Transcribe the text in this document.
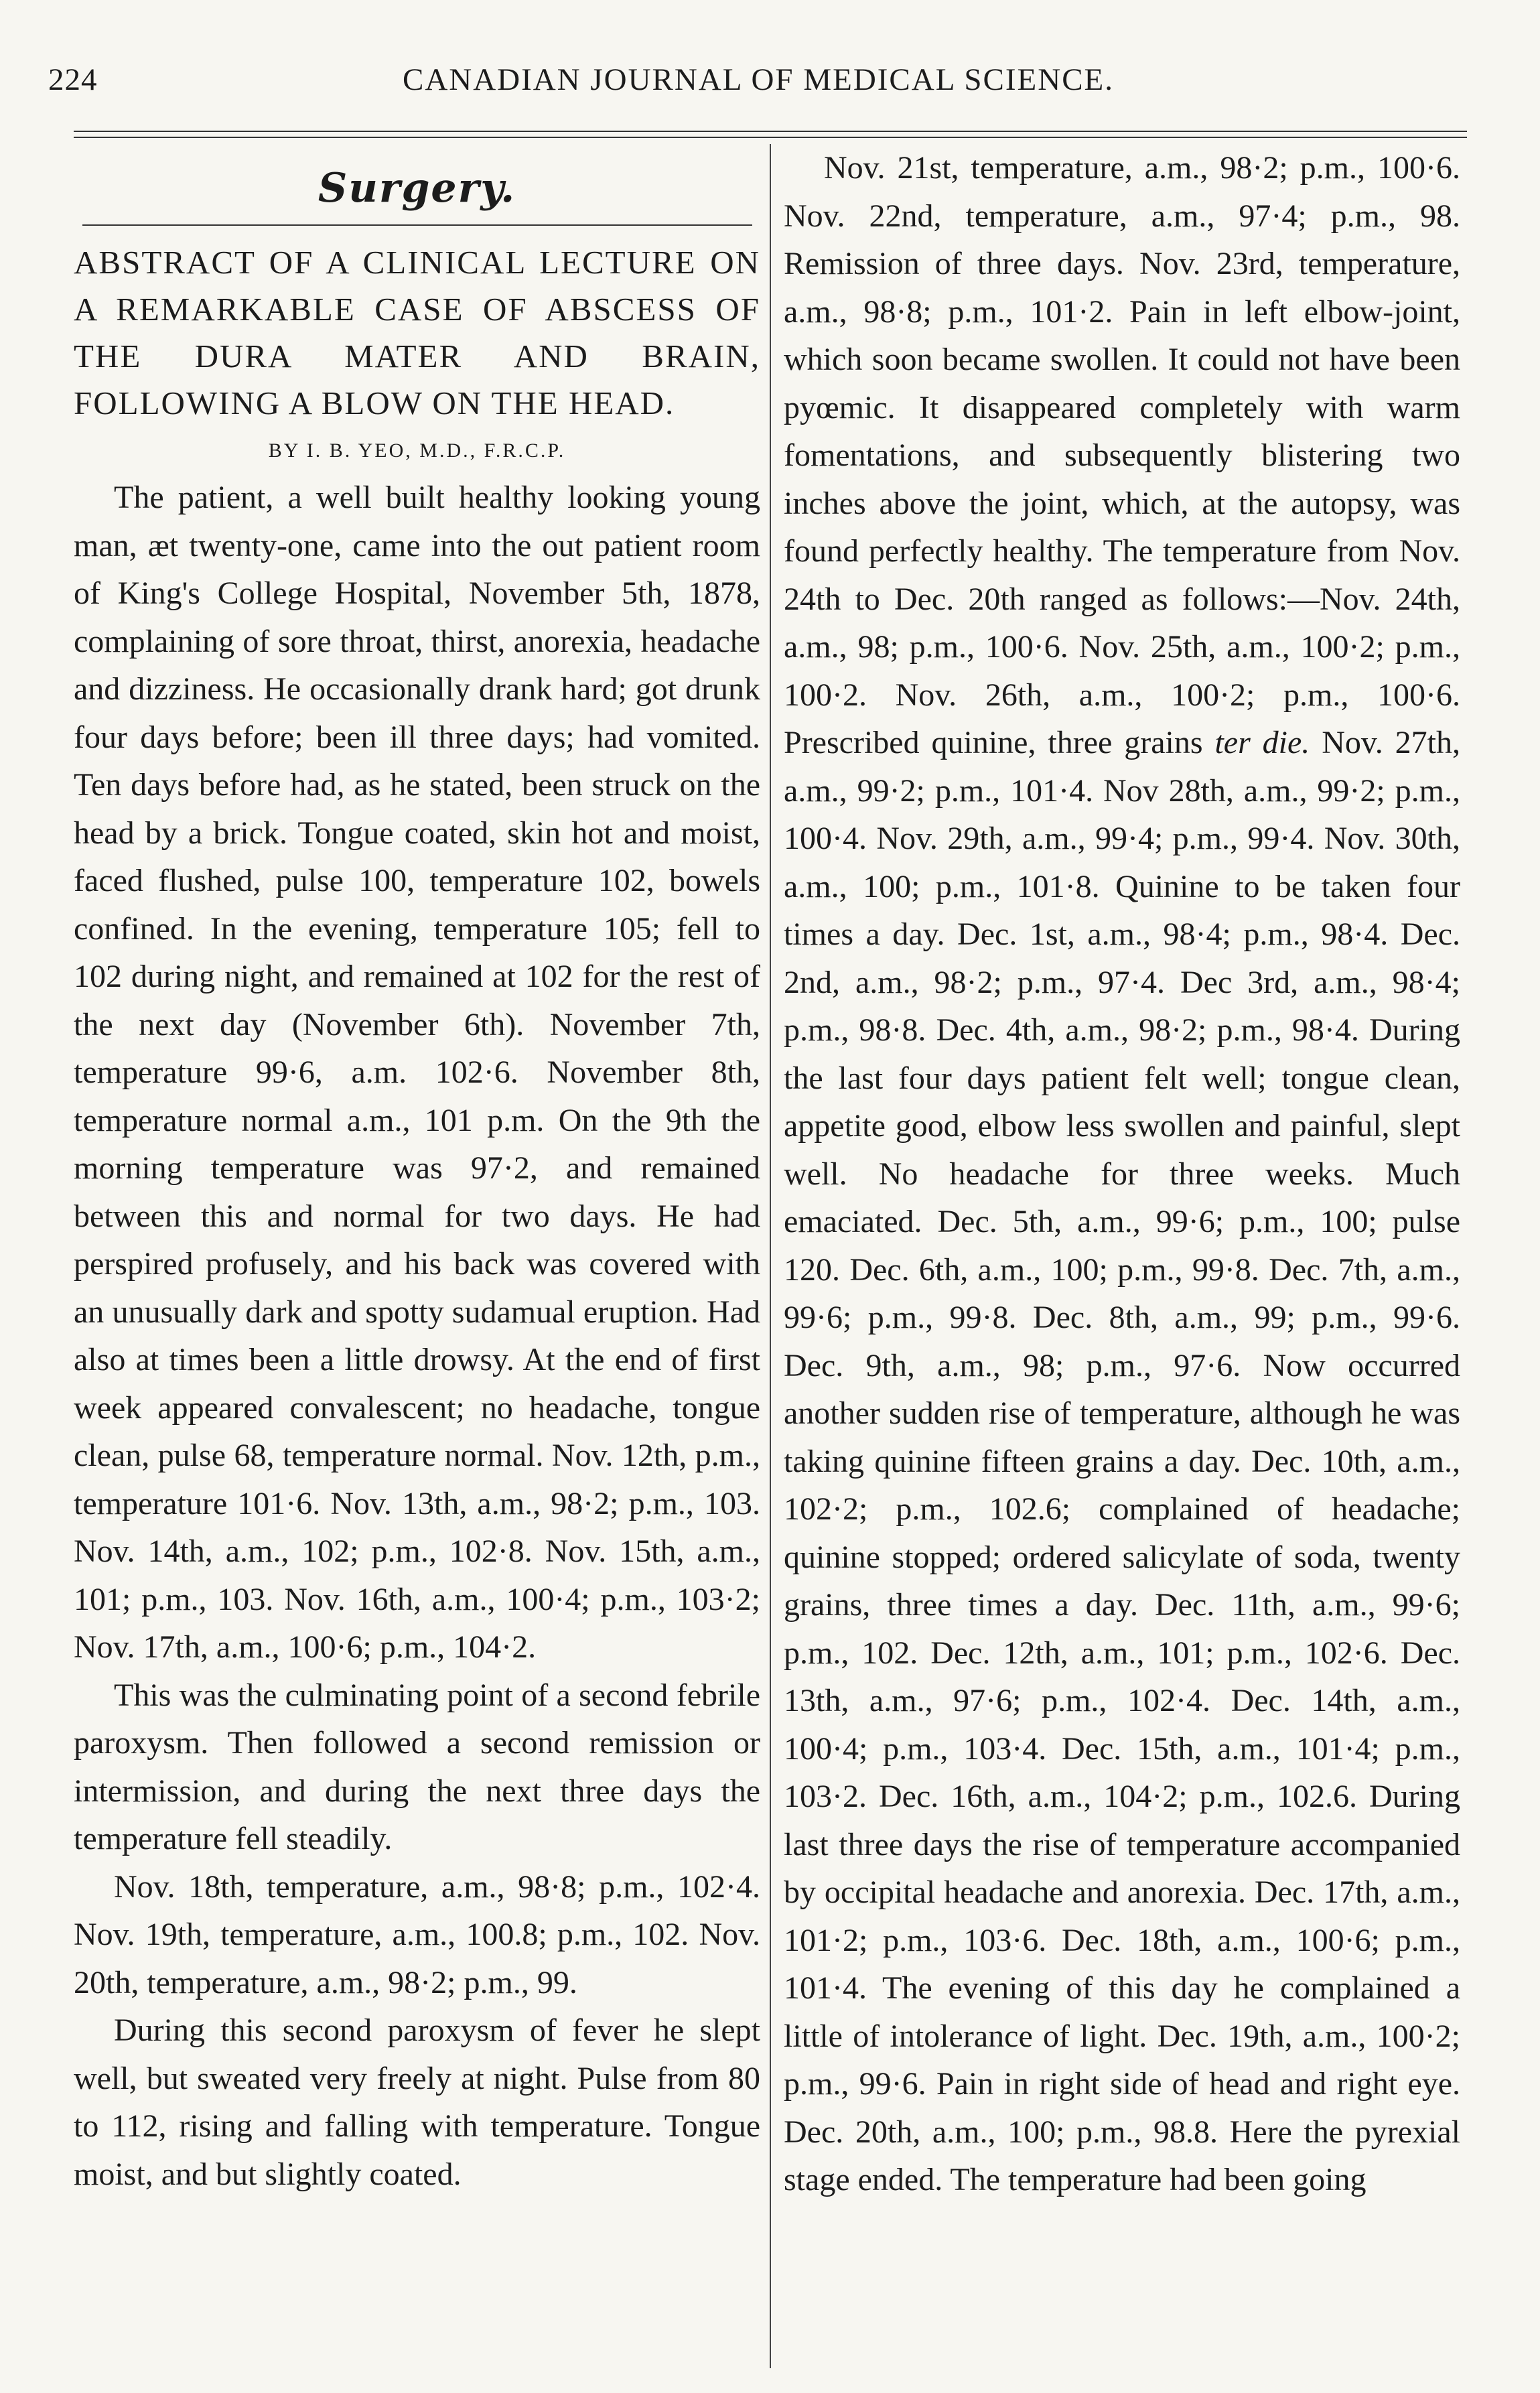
224	CANADIAN JOURNAL OF MEDICAL SCIENCE.
Surgery.

ABSTRACT OF A CLINICAL LECTURE ON A REMARKABLE CASE OF ABSCESS OF THE DURA MATER AND BRAIN, FOLLOWING A BLOW ON THE HEAD.

BY I. B. YEO, M.D., F.R.C.P.

The patient, a well built healthy looking young man, æt twenty-one, came into the out patient room of King's College Hospital, November 5th, 1878, complaining of sore throat, thirst, anorexia, headache and dizziness. He occasionally drank hard; got drunk four days before; been ill three days; had vomited. Ten days before had, as he stated, been struck on the head by a brick. Tongue coated, skin hot and moist, faced flushed, pulse 100, temperature 102, bowels confined. In the evening, temperature 105; fell to 102 during night, and remained at 102 for the rest of the next day (November 6th). November 7th, temperature 99·6, a.m. 102·6. November 8th, temperature normal a.m., 101 p.m. On the 9th the morning temperature was 97·2, and remained between this and normal for two days. He had perspired profusely, and his back was covered with an unusually dark and spotty sudamual eruption. Had also at times been a little drowsy. At the end of first week appeared convalescent; no headache, tongue clean, pulse 68, temperature normal. Nov. 12th, p.m., temperature 101·6. Nov. 13th, a.m., 98·2; p.m., 103. Nov. 14th, a.m., 102; p.m., 102·8. Nov. 15th, a.m., 101; p.m., 103. Nov. 16th, a.m., 100·4; p.m., 103·2; Nov. 17th, a.m., 100·6; p.m., 104·2.

This was the culminating point of a second febrile paroxysm. Then followed a second remission or intermission, and during the next three days the temperature fell steadily.

Nov. 18th, temperature, a.m., 98·8; p.m., 102·4. Nov. 19th, temperature, a.m., 100.8; p.m., 102. Nov. 20th, temperature, a.m., 98·2; p.m., 99.

During this second paroxysm of fever he slept well, but sweated very freely at night. Pulse from 80 to 112, rising and falling with temperature. Tongue moist, and but slightly coated.

Nov. 21st, temperature, a.m., 98·2; p.m., 100·6. Nov. 22nd, temperature, a.m., 97·4; p.m., 98. Remission of three days. Nov. 23rd, temperature, a.m., 98·8; p.m., 101·2. Pain in left elbow-joint, which soon became swollen. It could not have been pyœmic. It disappeared completely with warm fomentations, and subsequently blistering two inches above the joint, which, at the autopsy, was found perfectly healthy. The temperature from Nov. 24th to Dec. 20th ranged as follows:—Nov. 24th, a.m., 98; p.m., 100·6. Nov. 25th, a.m., 100·2; p.m., 100·2. Nov. 26th, a.m., 100·2; p.m., 100·6. Prescribed quinine, three grains ter die. Nov. 27th, a.m., 99·2; p.m., 101·4. Nov 28th, a.m., 99·2; p.m., 100·4. Nov. 29th, a.m., 99·4; p.m., 99·4. Nov. 30th, a.m., 100; p.m., 101·8. Quinine to be taken four times a day. Dec. 1st, a.m., 98·4; p.m., 98·4. Dec. 2nd, a.m., 98·2; p.m., 97·4. Dec 3rd, a.m., 98·4; p.m., 98·8. Dec. 4th, a.m., 98·2; p.m., 98·4. During the last four days patient felt well; tongue clean, appetite good, elbow less swollen and painful, slept well. No headache for three weeks. Much emaciated. Dec. 5th, a.m., 99·6; p.m., 100; pulse 120. Dec. 6th, a.m., 100; p.m., 99·8. Dec. 7th, a.m., 99·6; p.m., 99·8. Dec. 8th, a.m., 99; p.m., 99·6. Dec. 9th, a.m., 98; p.m., 97·6. Now occurred another sudden rise of temperature, although he was taking quinine fifteen grains a day. Dec. 10th, a.m., 102·2; p.m., 102.6; complained of headache; quinine stopped; ordered salicylate of soda, twenty grains, three times a day. Dec. 11th, a.m., 99·6; p.m., 102. Dec. 12th, a.m., 101; p.m., 102·6. Dec. 13th, a.m., 97·6; p.m., 102·4. Dec. 14th, a.m., 100·4; p.m., 103·4. Dec. 15th, a.m., 101·4; p.m., 103·2. Dec. 16th, a.m., 104·2; p.m., 102.6. During last three days the rise of temperature accompanied by occipital headache and anorexia. Dec. 17th, a.m., 101·2; p.m., 103·6. Dec. 18th, a.m., 100·6; p.m., 101·4. The evening of this day he complained a little of intolerance of light. Dec. 19th, a.m., 100·2; p.m., 99·6. Pain in right side of head and right eye. Dec. 20th, a.m., 100; p.m., 98.8. Here the pyrexial stage ended. The temperature had been going
